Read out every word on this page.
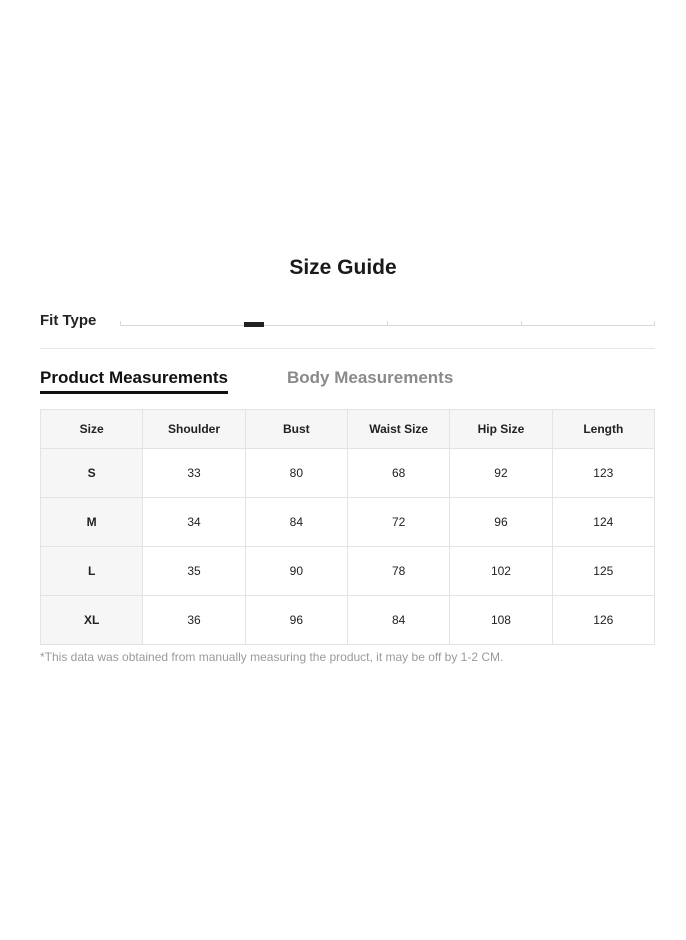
Size Guide
Fit Type
Product Measurements	Body Measurements
Size	Shoulder	Bust	Waist Size	Hip Size	Length
S	33	80	68	92	123
M	34	84	72	96	124
L	35	90	78	102	125
XL	36	96	84	108	126
*This data was obtained from manually measuring the product, it may be off by 1-2 CM.
